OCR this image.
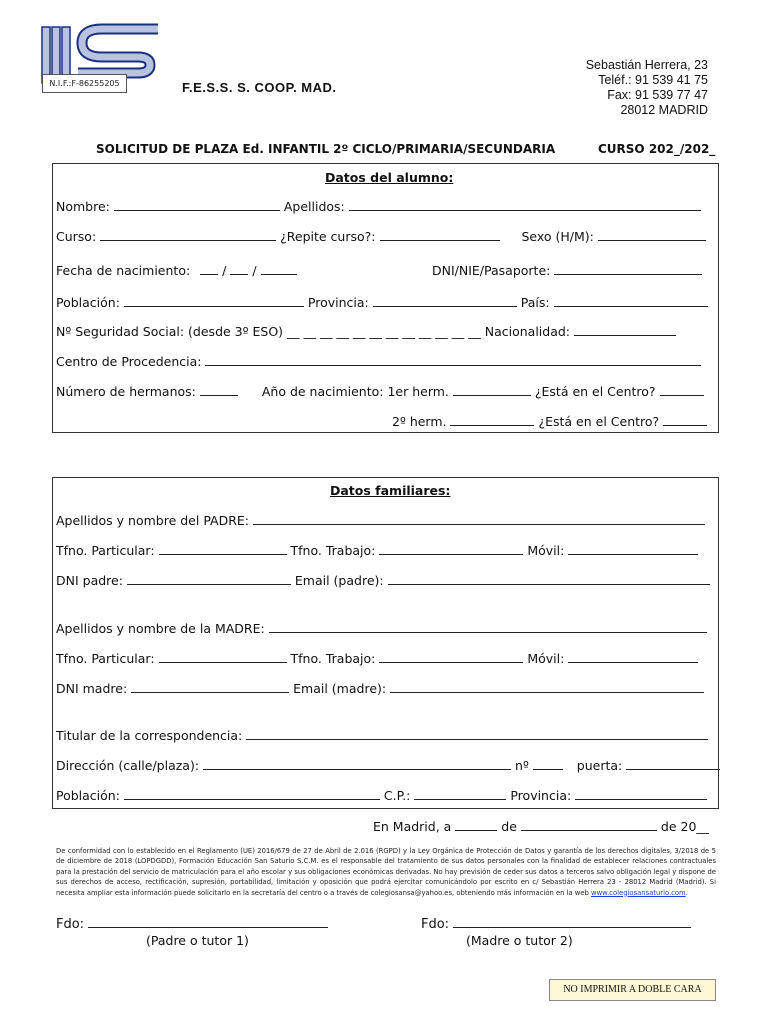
N.I.F.:F-86255205	F.E.S.S. S. COOP. MAD.
Sebastián Herrera, 23
Teléf.: 91 539 41 75
Fax: 91 539 77 47
28012 MADRID
SOLICITUD DE PLAZA Ed. INFANTIL 2º CICLO/PRIMARIA/SECUNDARIA	CURSO 202_/202_
Datos del alumno:
Nombre:	Apellidos:
Curso:	¿Repite curso?:	Sexo (H/M):
Fecha de nacimiento:  /  /	DNI/NIE/Pasaporte:
Población:	Provincia:	País:
Nº Seguridad Social: (desde 3º ESO) __ __ __ __ __ __ __ __ __ __ __ __ Nacionalidad:
Centro de Procedencia:
Número de hermanos:	Año de nacimiento: 1er herm.	¿Está en el Centro?
2º herm.	¿Está en el Centro?
Datos familiares:
Apellidos y nombre del PADRE:
Tfno. Particular:	Tfno. Trabajo:	Móvil:
DNI padre:	Email (padre):
Apellidos y nombre de la MADRE:
Tfno. Particular:	Tfno. Trabajo:	Móvil:
DNI madre:	Email (madre):
Titular de la correspondencia:
Dirección (calle/plaza):	nº	puerta:
Población:	C.P.:	Provincia:
En Madrid, a	de	de 20__
De conformidad con lo establecido en el Reglamento (UE) 2016/679 de 27 de Abril de 2.016 (RGPD) y la Ley Orgánica de Protección de Datos y garantía de los derechos digitales, 3/2018 de 5 de diciembre de 2018 (LOPDGDD), Formación Educación San Saturio S.C.M. es el responsable del tratamiento de sus datos personales con la finalidad de establecer relaciones contractuales para la prestación del servicio de matriculación para el año escolar y sus obligaciones económicas derivadas. No hay previsión de ceder sus datos a terceros salvo obligación legal y dispone de sus derechos de acceso, rectificación, supresión, portabilidad, limitación y oposición que podrá ejercitar comunicándolo por escrito en c/ Sebastián Herrera 23 - 28012 Madrid (Madrid). Si necesita ampliar esta información puede solicitarlo en la secretaría del centro o a través de colegiosansa@yahoo.es, obteniendo más información en la web www.colegiosansaturio.com.
Fdo:
(Padre o tutor 1)
Fdo:
(Madre o tutor 2)
NO IMPRIMIR A DOBLE CARA
